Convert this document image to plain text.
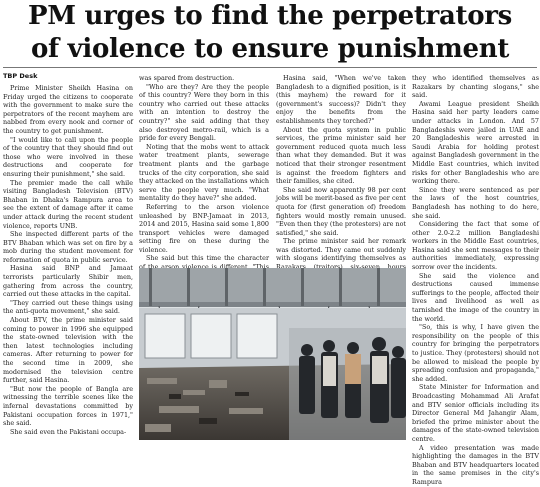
PM urges to find the perpetrators
of violence to ensure punishment
TBP Desk

Prime Minister Sheikh Hasina on Friday urged the citizens to cooperate with the government to make sure the perpetrators of the recent mayhem are nabbed from every nook and corner of the country to get punishment.

"I would like to call upon the people of the country that they should find out those who were involved in these destructions and cooperate for ensuring their punishment," she said.

The premier made the call while visiting Bangladesh Television (BTV) Bhaban in Dhaka's Rampura area to see the extent of damage after it came under attack during the recent student violence, reports UNB.

She inspected different parts of the BTV Bhaban which was set on fire by a mob during the student movement for reformation of quota in public service.

Hasina said BNP and Jamaat terrorists particularly Shibir men, gathering from across the country, carried out these attacks in the capital.

"They carried out these things using the anti-quota movement," she said.

About BTV, the prime minister said coming to power in 1996 she equipped the state-owned television with the then latest technologies including cameras. After returning to power for the second time in 2009, she modernised the television centre further, said Hasina.

"But now the people of Bangla are witnessing the terrible scenes like the infernal devastations committed by Pakistani occupation forces in 1971," she said.

She said even the Pakistani occupa-

was spared from destruction.

"Who are they? Are they the people of this country? Were they born in this country who carried out these attacks with an intention to destroy the country?" she said adding that they also destroyed metro-rail, which is a pride for every Bengali.

Noting that the mobs went to attack water treatment plants, sewerage treatment plants and the garbage trucks of the city corporation, she said they attacked on the installations which serve the people very much. "What mentality do they have?" she added.

Referring to the arson violence unleashed by BNP-Jamaat in 2013, 2014 and 2015, Hasina said some 1,800 transport vehicles were damaged setting fire on these during the violence.

She said but this time the character

Hasina said, "When we've taken Bangladesh to a dignified position, is it (this mayhem) the reward for it (government's success)? Didn't they enjoy the benefits from the establishments they torched?"

About the quota system in public services, the prime minister said her government reduced quota much less than what they demanded. But it was noticed that their stronger resentment is against the freedom fighters and their families, she cited.

She said now apparently 98 per cent jobs will be merit-based as five per cent quota for (first generation of) freedom fighters would mostly remain unused. "Even then they (the protesters) are not satisfied," she said.

The prime minister said her remark was distorted. They came out suddenly with slogans identifying themselves as

they who identified themselves as Razakars by chanting slogans," she said.

Awami League president Sheikh Hasina said her party leaders came under attacks in London. And 57 Bangladeshis were jailed in UAE and 20 Bangladeshis were arrested in Saudi Arabia for holding protest against Bangladesh government in the Middle East countries, which invited risks for other Bangladeshis who are working there.

Since they were sentenced as per the laws of the host countries, Bangladesh has nothing to do here, she said.

Considering the fact that some of other 2.0-2.2 million Bangladeshi workers in the Middle East countries, Hasina said she sent messages to their authorities immediately, expressing sorrow over the incidents.

She said the violence and destructions caused immense sufferings to the people, affected their lives and livelihood as well as tarnished the image of the country in the world.

"So, this is why, I have given the responsibility on the people of this country for bringing the perpetrators to justice. They (protesters) should not be allowed to mislead the people by spreading confusion and propaganda," she added.

State Minister for Information and Broadcasting Mohammad Ali Arafat and BTV senior officials including its Director General Md Jahangir Alam, briefed the prime minister about the damages of the state-owned television centre.

A video presentation was made highlighting the damages in the BTV Bhaban and BTV headquarters located in the same premises in the city's Rampura
